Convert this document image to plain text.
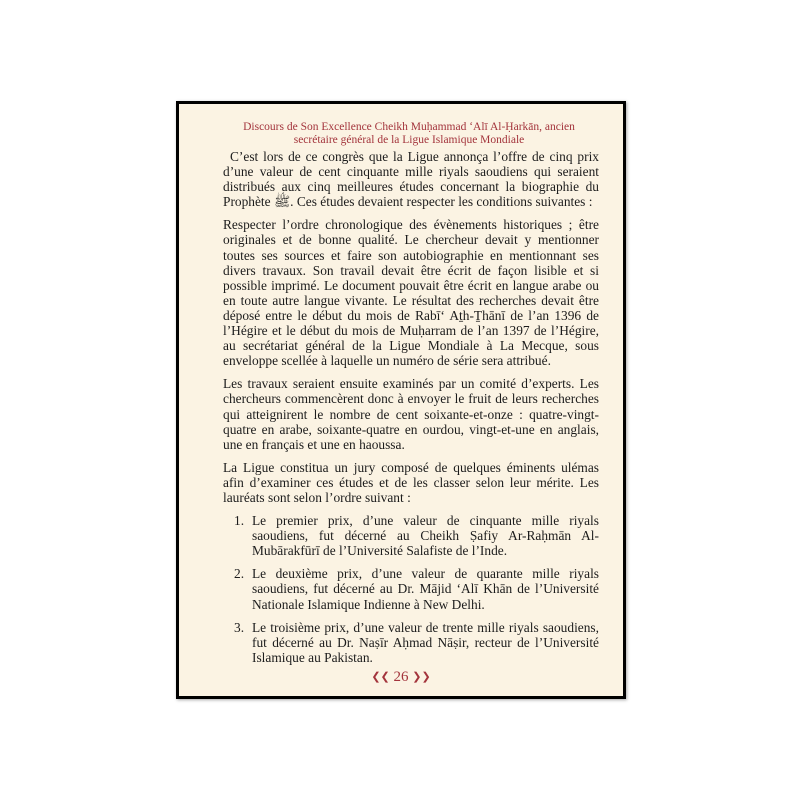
Discours de Son Excellence Cheikh Muḥammad ‘Alī Al-Ḥarkān, ancien
secrétaire général de la Ligue Islamique Mondiale

C’est lors de ce congrès que la Ligue annonça l’offre de cinq prix d’une valeur de cent cinquante mille riyals saoudiens qui seraient distribués aux cinq meilleures études concernant la biographie du Prophète ﷺ. Ces études devaient respecter les conditions suivantes :

Respecter l’ordre chronologique des évènements historiques ; être originales et de bonne qualité. Le chercheur devait y mentionner toutes ses sources et faire son autobiographie en mentionnant ses divers travaux. Son travail devait être écrit de façon lisible et si possible imprimé. Le document pouvait être écrit en langue arabe ou en toute autre langue vivante. Le résultat des recherches devait être déposé entre le début du mois de Rabī‘ Aṯh-Ṯhānī de l’an 1396 de l’Hégire et le début du mois de Muḥarram de l’an 1397 de l’Hégire, au secrétariat général de la Ligue Mondiale à La Mecque, sous enveloppe scellée à laquelle un numéro de série sera attribué.

Les travaux seraient ensuite examinés par un comité d’experts. Les chercheurs commencèrent donc à envoyer le fruit de leurs recherches qui atteignirent le nombre de cent soixante-et-onze : quatre-vingt-quatre en arabe, soixante-quatre en ourdou, vingt-et-une en anglais, une en français et une en haoussa.

La Ligue constitua un jury composé de quelques éminents ulémas afin d’examiner ces études et de les classer selon leur mérite. Les lauréats sont selon l’ordre suivant :

1. Le premier prix, d’une valeur de cinquante mille riyals saoudiens, fut décerné au Cheikh Ṣafiy Ar-Raḥmān Al-Mubārakfūrī de l’Université Salafiste de l’Inde.
2. Le deuxième prix, d’une valeur de quarante mille riyals saoudiens, fut décerné au Dr. Mājid ‘Alī Khān de l’Université Nationale Islamique Indienne à New Delhi.
3. Le troisième prix, d’une valeur de trente mille riyals saoudiens, fut décerné au Dr. Naṣīr Aḥmad Nāṣir, recteur de l’Université Islamique au Pakistan.
❮❮ 26 ❯❯
